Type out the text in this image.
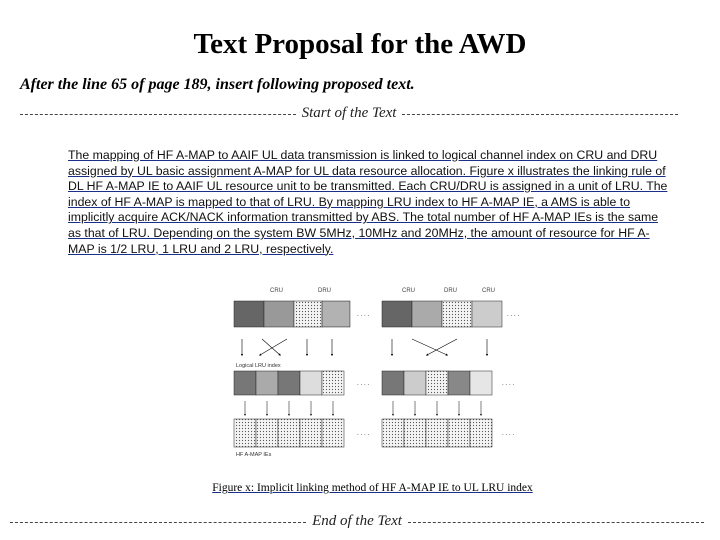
Text Proposal for the AWD
After the line 65 of page 189, insert following proposed text.
Start of the Text
The mapping of HF A-MAP to AAIF UL data transmission is linked to logical channel index on CRU and DRU assigned by UL basic assignment A-MAP for UL data resource allocation. Figure x illustrates the linking rule of DL HF A-MAP IE to AAIF UL resource unit to be transmitted. Each CRU/DRU is assigned in a unit of LRU. The index of HF A-MAP is mapped to that of LRU. By mapping LRU index to HF A-MAP IE, a AMS is able to implicitly acquire ACK/NACK information transmitted by ABS. The total number of HF A-MAP IEs is the same as that of LRU. Depending on the system BW 5MHz, 10MHz and 20MHz, the amount of resource for HF A-MAP is 1/2 LRU, 1 LRU and 2 LRU, respectively.
CRU	DRU	CRU	DRU	CRU
. . . .	. . . .
Logical LRU index
. . . .	. . . .
. . . .	. . . .
HF A-MAP IEs
Figure x: Implicit linking method of HF A-MAP IE to UL LRU index
End of the Text
